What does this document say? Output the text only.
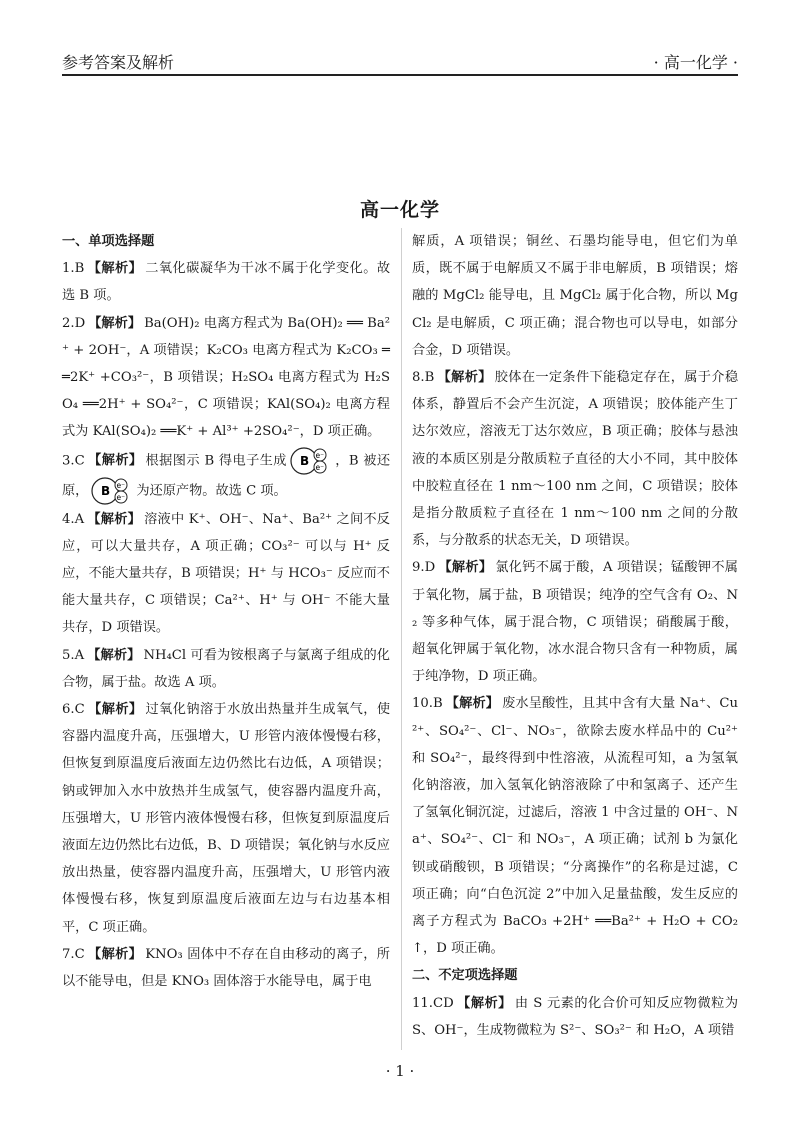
参考答案及解析	· 高一化学 ·
高一化学

一、单项选择题

1.B 【解析】 二氧化碳凝华为干冰不属于化学变化。故选 B 项。

2.D 【解析】 Ba(OH)₂ 电离方程式为 Ba(OH)₂ ══ Ba²⁺ + 2OH⁻，A 项错误；K₂CO₃ 电离方程式为 K₂CO₃ ══2K⁺ +CO₃²⁻，B 项错误；H₂SO₄ 电离方程式为 H₂SO₄ ══2H⁺ + SO₄²⁻，C 项错误；KAl(SO₄)₂ 电离方程式为 KAl(SO₄)₂ ══K⁺ + Al³⁺ +2SO₄²⁻，D 项正确。

3.C 【解析】 根据图示 B 得电子生成 B e⁻
e⁻ ，B 被还原， B e⁻
e⁻ 为还原产物。故选 C 项。

4.A 【解析】 溶液中 K⁺、OH⁻、Na⁺、Ba²⁺ 之间不反应，可以大量共存，A 项正确；CO₃²⁻ 可以与 H⁺ 反应，不能大量共存，B 项错误；H⁺ 与 HCO₃⁻ 反应而不能大量共存，C 项错误；Ca²⁺、H⁺ 与 OH⁻ 不能大量共存，D 项错误。

5.A 【解析】 NH₄Cl 可看为铵根离子与氯离子组成的化合物，属于盐。故选 A 项。

6.C 【解析】 过氧化钠溶于水放出热量并生成氧气，使容器内温度升高，压强增大，U 形管内液体慢慢右移，但恢复到原温度后液面左边仍然比右边低，A 项错误；钠或钾加入水中放热并生成氢气，使容器内温度升高，压强增大，U 形管内液体慢慢右移，但恢复到原温度后液面左边仍然比右边低，B、D 项错误；氧化钠与水反应放出热量，使容器内温度升高，压强增大，U 形管内液体慢慢右移，恢复到原温度后液面左边与右边基本相平，C 项正确。

7.C 【解析】 KNO₃ 固体中不存在自由移动的离子，所以不能导电，但是 KNO₃ 固体溶于水能导电，属于电

解质，A 项错误；铜丝、石墨均能导电，但它们为单质，既不属于电解质又不属于非电解质，B 项错误；熔融的 MgCl₂ 能导电，且 MgCl₂ 属于化合物，所以 MgCl₂ 是电解质，C 项正确；混合物也可以导电，如部分合金，D 项错误。

8.B 【解析】 胶体在一定条件下能稳定存在，属于介稳体系，静置后不会产生沉淀，A 项错误；胶体能产生丁达尔效应，溶液无丁达尔效应，B 项正确；胶体与悬浊液的本质区别是分散质粒子直径的大小不同，其中胶体中胶粒直径在 1 nm～100 nm 之间，C 项错误；胶体是指分散质粒子直径在 1 nm～100 nm 之间的分散系，与分散系的状态无关，D 项错误。

9.D 【解析】 氯化钙不属于酸，A 项错误；锰酸钾不属于氧化物，属于盐，B 项错误；纯净的空气含有 O₂、N₂ 等多种气体，属于混合物，C 项错误；硝酸属于酸，超氧化钾属于氧化物，冰水混合物只含有一种物质，属于纯净物，D 项正确。

10.B 【解析】 废水呈酸性，且其中含有大量 Na⁺、Cu²⁺、SO₄²⁻、Cl⁻、NO₃⁻，欲除去废水样品中的 Cu²⁺ 和 SO₄²⁻，最终得到中性溶液，从流程可知，a 为氢氧化钠溶液，加入氢氧化钠溶液除了中和氢离子、还产生了氢氧化铜沉淀，过滤后，溶液 1 中含过量的 OH⁻、Na⁺、SO₄²⁻、Cl⁻ 和 NO₃⁻，A 项正确；试剂 b 为氯化钡或硝酸钡，B 项错误；“分离操作”的名称是过滤，C 项正确；向“白色沉淀 2”中加入足量盐酸，发生反应的离子方程式为 BaCO₃ +2H⁺ ══Ba²⁺ + H₂O + CO₂↑，D 项正确。

二、不定项选择题

11.CD 【解析】 由 S 元素的化合价可知反应物微粒为 S、OH⁻，生成物微粒为 S²⁻、SO₃²⁻ 和 H₂O，A 项错

· 1 ·
